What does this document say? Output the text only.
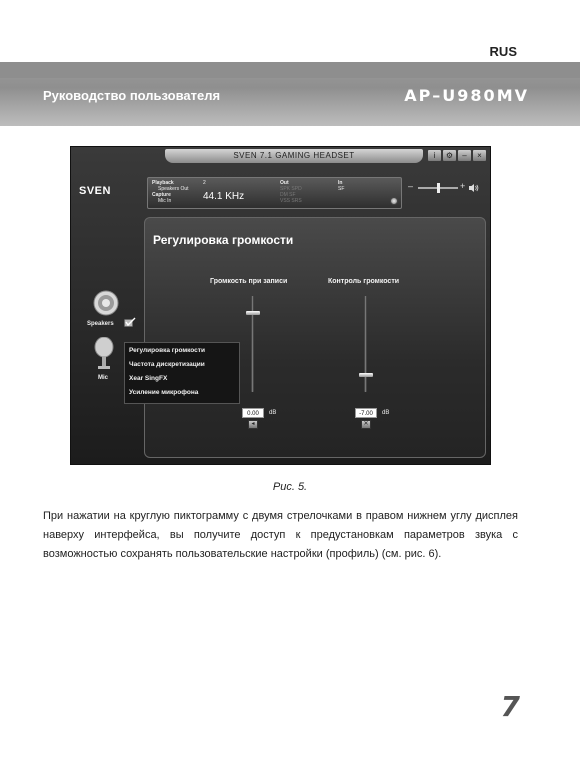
RUS
Руководство пользователя	AP–U980MV
SVEN 7.1 GAMING HEADSET	i	⚙	–	×
SVEN
Playback
Speakers Out
Capture
Mic In
2
44.1 KHz
Out
SPK SPD
DM SF
VSS SRS
In
SF	–	+
Speakers
Mic
Регулировка громкости
Громкость при записи
0.00	dB
◂
Контроль громкости
-7.00	dB
✕
Регулировка громкости
Частота дискретизации
Xear SingFX
Усиление микрофона
Рис. 5.
При нажатии на круглую пиктограмму с двумя стрелочками в правом нижнем углу дисплея наверху интерфейса, вы получите доступ к предустановкам параметров звука с возможностью сохранять пользовательские настройки (профиль) (см. рис. 6).
7
